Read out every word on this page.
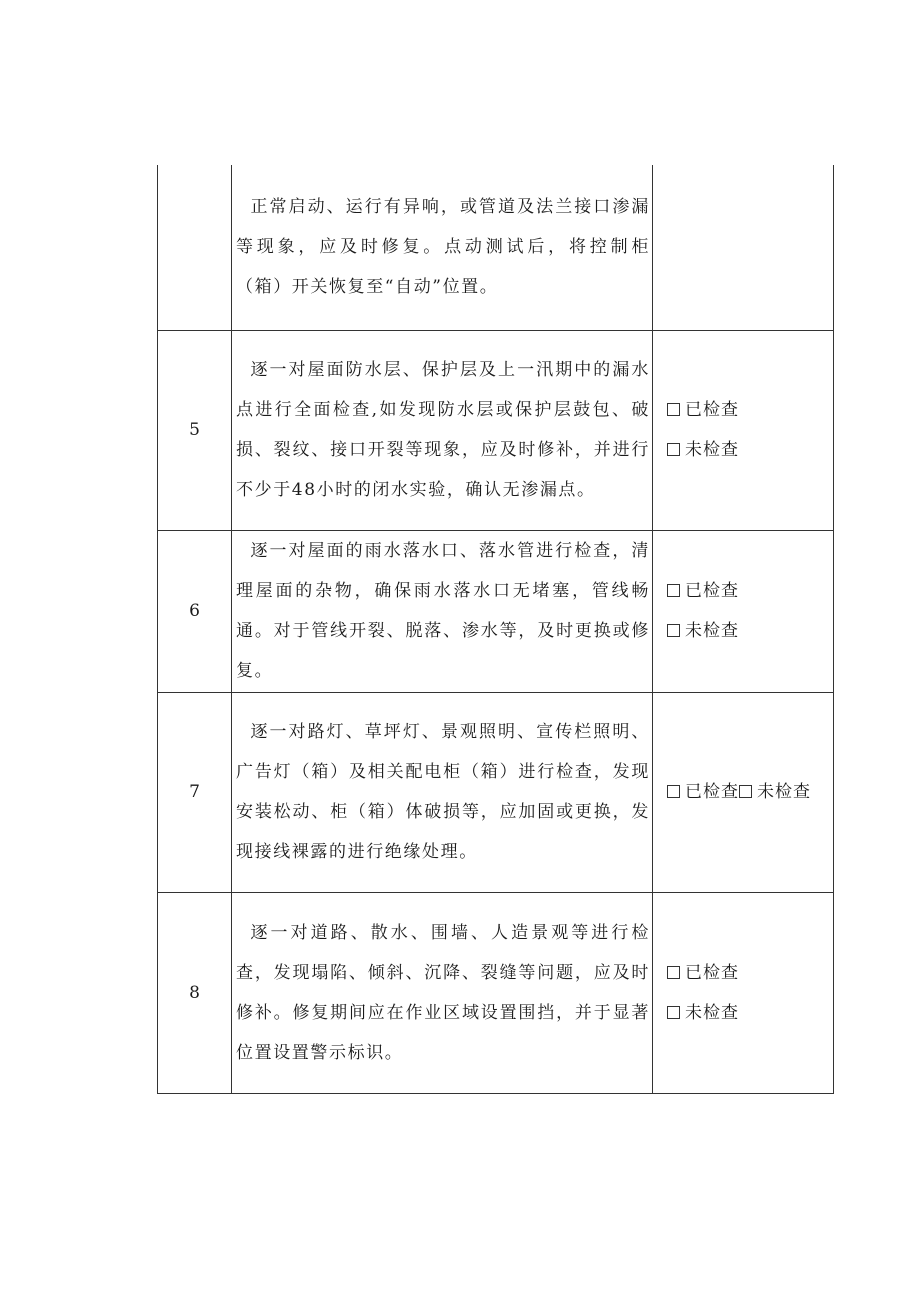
	正常启动、运行有异响，或管道及法兰接口渗漏等现象，应及时修复。点动测试后，将控制柜（箱）开关恢复至“自动”位置。	

5	逐一对屋面防水层、保护层及上一汛期中的漏水点进行全面检查,如发现防水层或保护层鼓包、破损、裂纹、接口开裂等现象，应及时修补，并进行不少于48小时的闭水实验，确认无渗漏点。	已检查
未检查

6	逐一对屋面的雨水落水口、落水管进行检查，清理屋面的杂物，确保雨水落水口无堵塞，管线畅通。对于管线开裂、脱落、渗水等，及时更换或修复。	已检查
未检查

7	逐一对路灯、草坪灯、景观照明、宣传栏照明、广告灯（箱）及相关配电柜（箱）进行检查，发现安装松动、柜（箱）体破损等，应加固或更换，发现接线裸露的进行绝缘处理。	已检查 未检查
8	逐一对道路、散水、围墙、人造景观等进行检查，发现塌陷、倾斜、沉降、裂缝等问题，应及时修补。修复期间应在作业区域设置围挡，并于显著位置设置警示标识。	已检查
未检查
